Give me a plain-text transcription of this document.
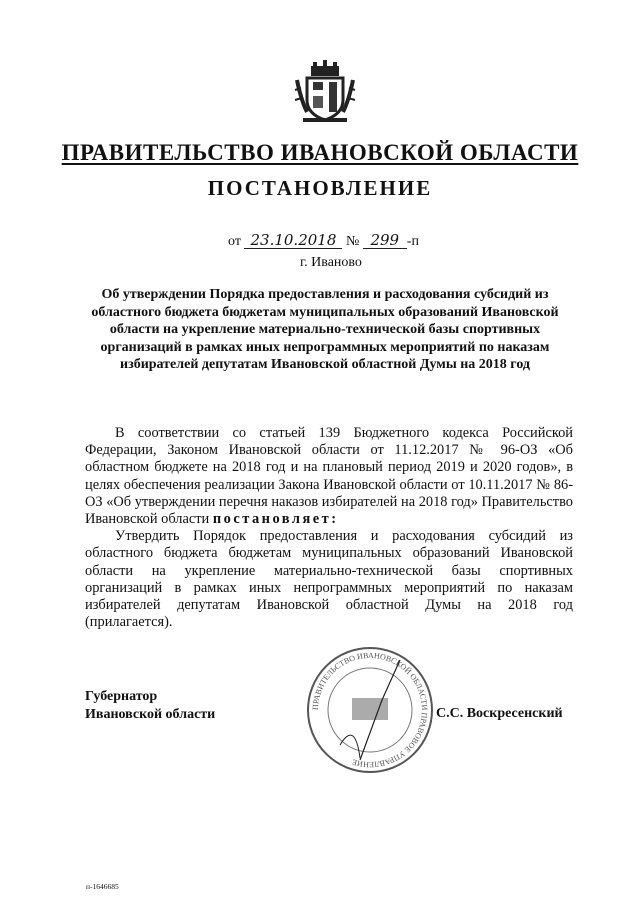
ПРАВИТЕЛЬСТВО ИВАНОВСКОЙ ОБЛАСТИ
ПОСТАНОВЛЕНИЕ
от 23.10.2018 № 299 -п
г. Иваново
Об утверждении Порядка предоставления и расходования субсидий из областного бюджета бюджетам муниципальных образований Ивановской области на укрепление материально-технической базы спортивных организаций в рамках иных непрограммных мероприятий по наказам избирателей депутатам Ивановской областной Думы на 2018 год

В соответствии со статьей 139 Бюджетного кодекса Российской Федерации, Законом Ивановской области от 11.12.2017 № 96-ОЗ «Об областном бюджете на 2018 год и на плановый период 2019 и 2020 годов», в целях обеспечения реализации Закона Ивановской области от 10.11.2017 № 86-ОЗ «Об утверждении перечня наказов избирателей на 2018 год» Правительство Ивановской области постановляет:

Утвердить Порядок предоставления и расходования субсидий из областного бюджета бюджетам муниципальных образований Ивановской области на укрепление материально-технической базы спортивных организаций в рамках иных непрограммных мероприятий по наказам избирателей депутатам Ивановской областной Думы на 2018 год (прилагается).

ПРАВИТЕЛЬСТВО ИВАНОВСКОЙ ОБЛАСТИ ПРАВОВОЕ УПРАВЛЕНИЕ
Губернатор
Ивановской области	С.С. Воскресенский
п-1646685
